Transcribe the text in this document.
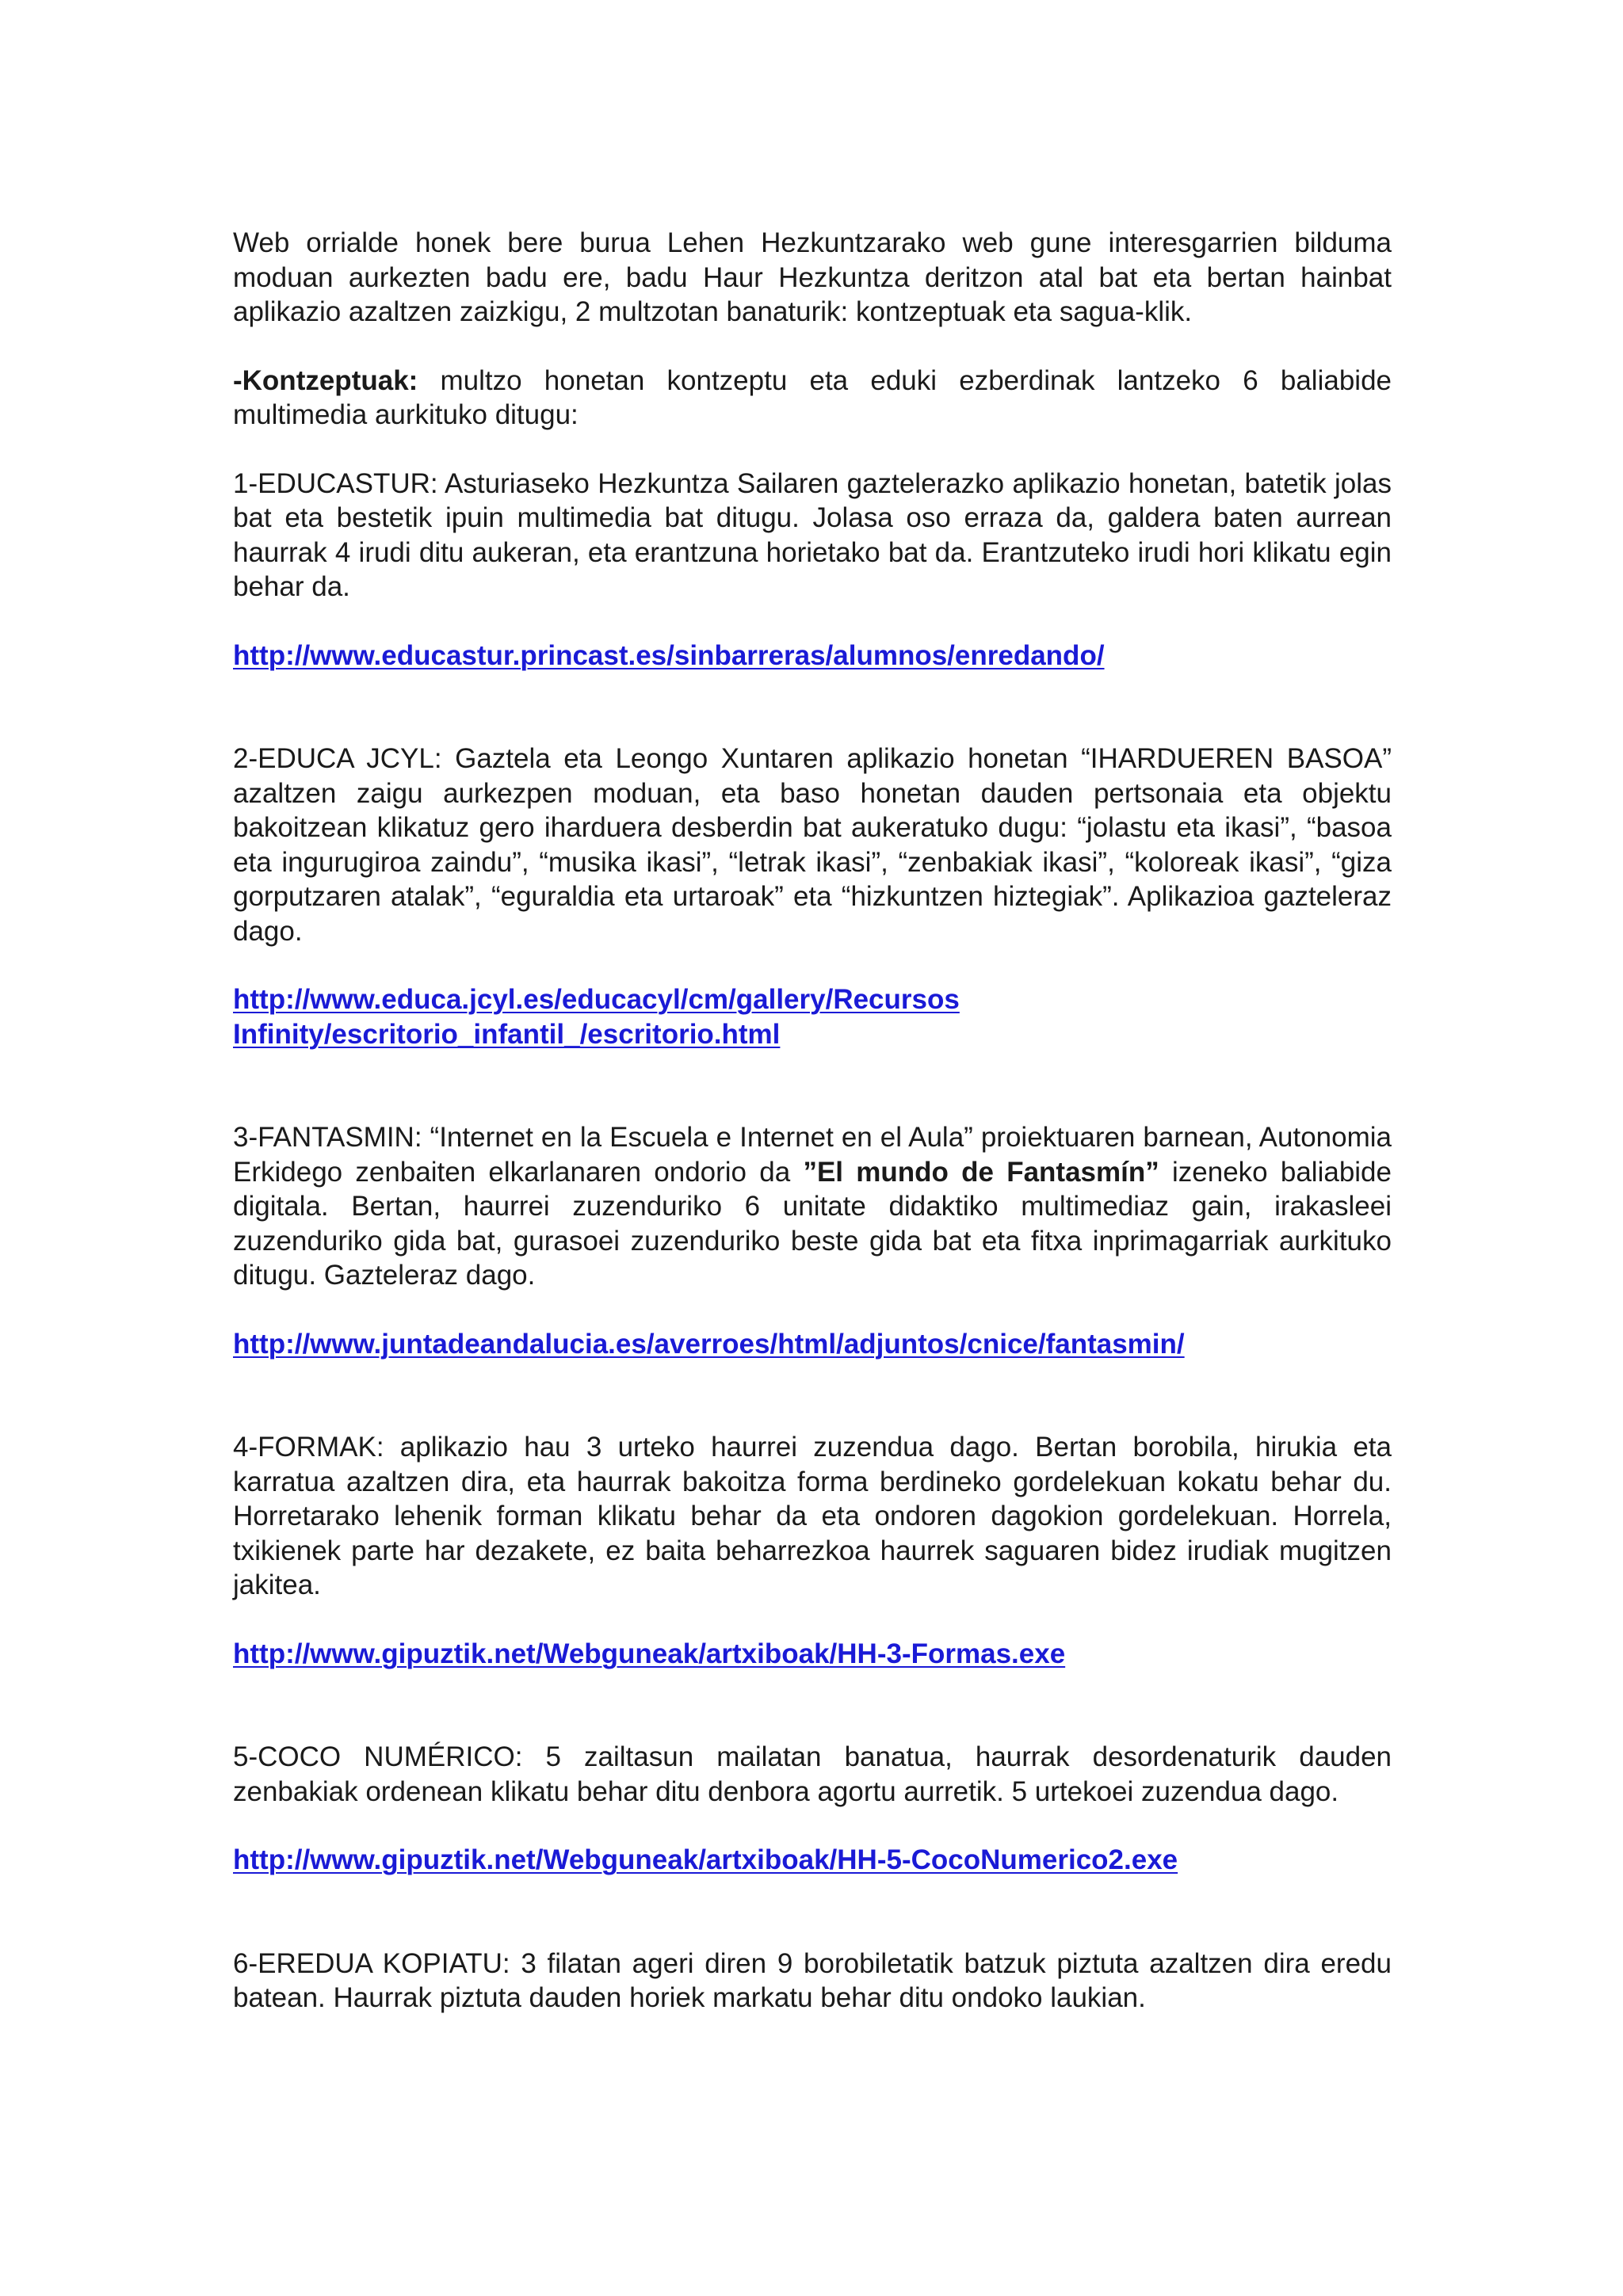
Web orrialde honek bere burua Lehen Hezkuntzarako web gune interesgarrien bilduma moduan aurkezten badu ere, badu Haur Hezkuntza deritzon atal bat eta bertan hainbat aplikazio azaltzen zaizkigu, 2 multzotan banaturik: kontzeptuak eta sagua-klik.

-Kontzeptuak: multzo honetan kontzeptu eta eduki ezberdinak lantzeko 6 baliabide multimedia aurkituko ditugu:

1-EDUCASTUR: Asturiaseko Hezkuntza Sailaren gaztelerazko aplikazio honetan, batetik jolas bat eta bestetik ipuin multimedia bat ditugu. Jolasa oso erraza da, galdera baten aurrean haurrak 4 irudi ditu aukeran, eta erantzuna horietako bat da. Erantzuteko irudi hori klikatu egin behar da.

http://www.educastur.princast.es/sinbarreras/alumnos/enredando/

2-EDUCA JCYL: Gaztela eta Leongo Xuntaren aplikazio honetan “IHARDUEREN BASOA” azaltzen zaigu aurkezpen moduan, eta baso honetan dauden pertsonaia eta objektu bakoitzean klikatuz gero iharduera desberdin bat aukeratuko dugu: “jolastu eta ikasi”, “basoa eta ingurugiroa zaindu”, “musika ikasi”, “letrak ikasi”, “zenbakiak ikasi”, “koloreak ikasi”, “giza gorputzaren atalak”, “eguraldia eta urtaroak” eta “hizkuntzen hiztegiak”. Aplikazioa gazteleraz dago.

http://www.educa.jcyl.es/educacyl/cm/gallery/Recursos
Infinity/escritorio_infantil_/escritorio.html

3-FANTASMIN: “Internet en la Escuela e Internet en el Aula” proiektuaren barnean, Autonomia Erkidego zenbaiten elkarlanaren ondorio da ”El mundo de Fantasmín” izeneko baliabide digitala. Bertan, haurrei zuzenduriko 6 unitate didaktiko multimediaz gain, irakasleei zuzenduriko gida bat, gurasoei zuzenduriko beste gida bat eta fitxa inprimagarriak aurkituko ditugu. Gazteleraz dago.

http://www.juntadeandalucia.es/averroes/html/adjuntos/cnice/fantasmin/

4-FORMAK: aplikazio hau 3 urteko haurrei zuzendua dago. Bertan borobila, hirukia eta karratua azaltzen dira, eta haurrak bakoitza forma berdineko gordelekuan kokatu behar du. Horretarako lehenik forman klikatu behar da eta ondoren dagokion gordelekuan. Horrela, txikienek parte har dezakete, ez baita beharrezkoa haurrek saguaren bidez irudiak mugitzen jakitea.

http://www.gipuztik.net/Webguneak/artxiboak/HH-3-Formas.exe

5-COCO NUMÉRICO: 5 zailtasun mailatan banatua, haurrak desordenaturik dauden zenbakiak ordenean klikatu behar ditu denbora agortu aurretik. 5 urtekoei zuzendua dago.

http://www.gipuztik.net/Webguneak/artxiboak/HH-5-CocoNumerico2.exe

6-EREDUA KOPIATU: 3 filatan ageri diren 9 borobiletatik batzuk piztuta azaltzen dira eredu batean. Haurrak piztuta dauden horiek markatu behar ditu ondoko laukian.
